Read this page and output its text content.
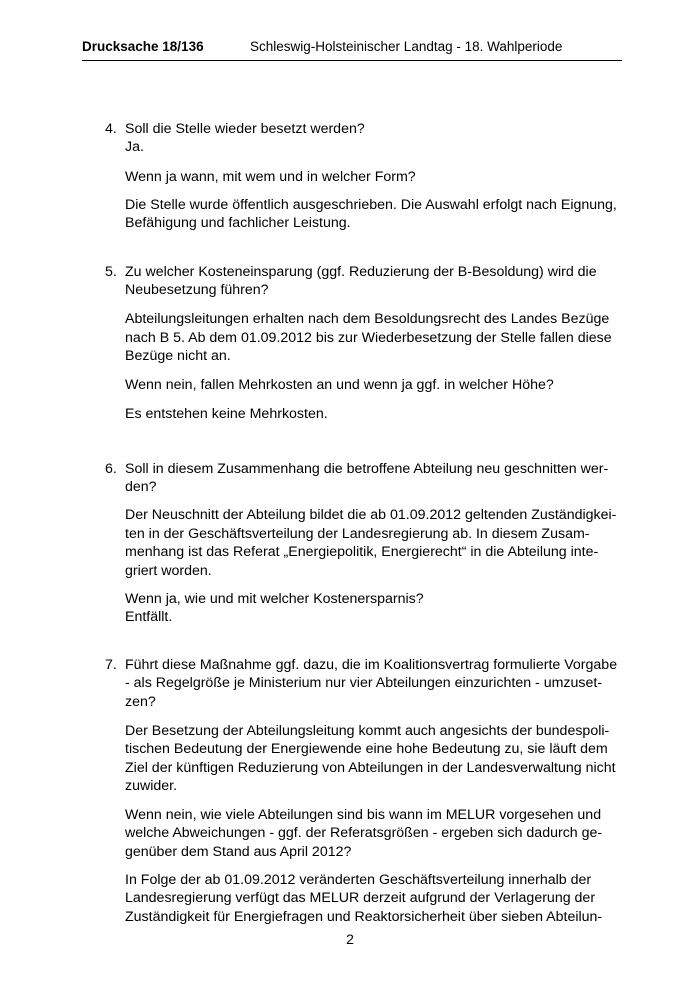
Drucksache 18/136	Schleswig-Holsteinischer Landtag - 18. Wahlperiode
4. Soll die Stelle wieder besetzt werden?
Ja.
Wenn ja wann, mit wem und in welcher Form?
Die Stelle wurde öffentlich ausgeschrieben. Die Auswahl erfolgt nach Eignung,
Befähigung und fachlicher Leistung.
5. Zu welcher Kosteneinsparung (ggf. Reduzierung der B-Besoldung) wird die
Neubesetzung führen?
Abteilungsleitungen erhalten nach dem Besoldungsrecht des Landes Bezüge
nach B 5. Ab dem 01.09.2012 bis zur Wiederbesetzung der Stelle fallen diese
Bezüge nicht an.
Wenn nein, fallen Mehrkosten an und wenn ja ggf. in welcher Höhe?
Es entstehen keine Mehrkosten.
6. Soll in diesem Zusammenhang die betroffene Abteilung neu geschnitten wer-
den?
Der Neuschnitt der Abteilung bildet die ab 01.09.2012 geltenden Zuständigkei-
ten in der Geschäftsverteilung der Landesregierung ab. In diesem Zusam-
menhang ist das Referat „Energiepolitik, Energierecht“ in die Abteilung inte-
griert worden.
Wenn ja, wie und mit welcher Kostenersparnis?
Entfällt.
7. Führt diese Maßnahme ggf. dazu, die im Koalitionsvertrag formulierte Vorgabe
- als Regelgröße je Ministerium nur vier Abteilungen einzurichten - umzuset-
zen?
Der Besetzung der Abteilungsleitung kommt auch angesichts der bundespoli-
tischen Bedeutung der Energiewende eine hohe Bedeutung zu, sie läuft dem
Ziel der künftigen Reduzierung von Abteilungen in der Landesverwaltung nicht
zuwider.
Wenn nein, wie viele Abteilungen sind bis wann im MELUR vorgesehen und
welche Abweichungen - ggf. der Referatsgrößen - ergeben sich dadurch ge-
genüber dem Stand aus April 2012?
In Folge der ab 01.09.2012 veränderten Geschäftsverteilung innerhalb der
Landesregierung verfügt das MELUR derzeit aufgrund der Verlagerung der
Zuständigkeit für Energiefragen und Reaktorsicherheit über sieben Abteilun-
2
